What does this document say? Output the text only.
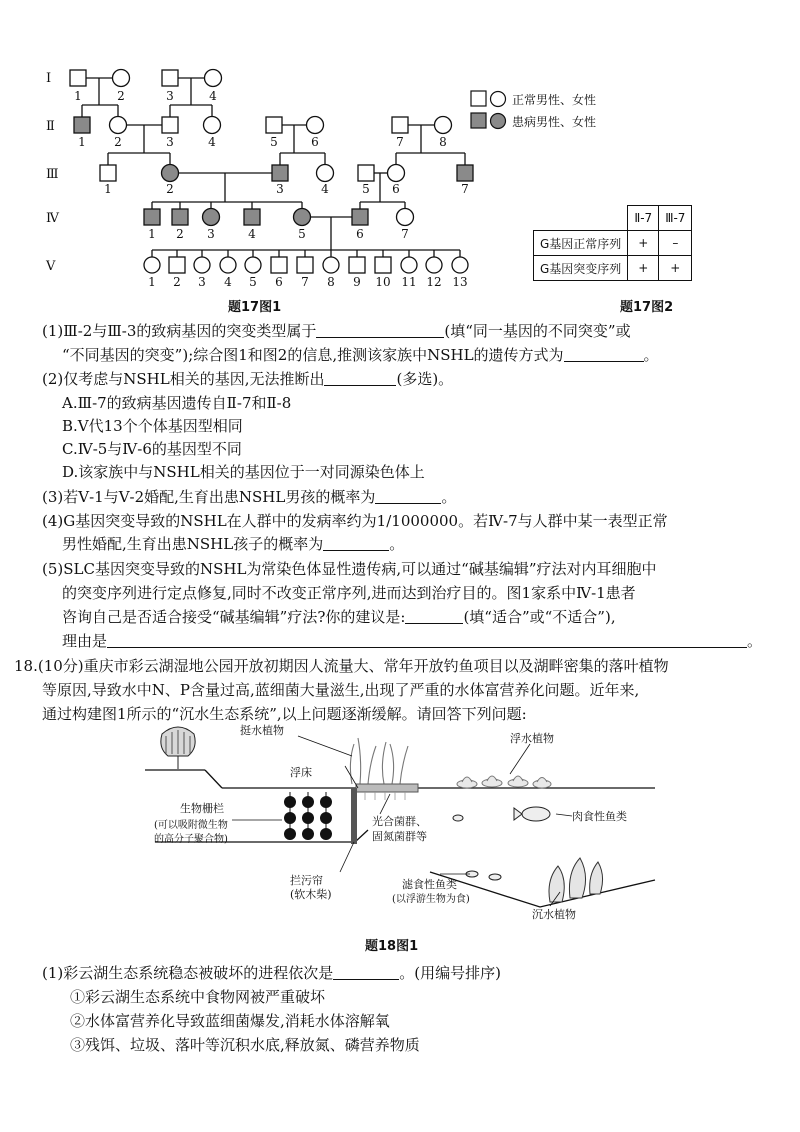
Ⅰ
Ⅱ
Ⅲ
Ⅳ
Ⅴ
1	2	3	4
1 2	3	4	5	6	7	8
1	2	3	4	5 6	7
1 2 3	4	5	6	7
1 2 3 4 5 6 7 8 9 10 11 12 13
题17图1
正常男性、女性
患病男性、女性
	Ⅱ-7	Ⅲ-7
G基因正常序列	+	–
G基因突变序列	+	+
题17图2
(1)Ⅲ-2与Ⅲ-3的致病基因的突变类型属于	(填“同一基因的不同突变”或
“不同基因的突变”);综合图1和图2的信息,推测该家族中NSHL的遗传方式为	。
(2)仅考虑与NSHL相关的基因,无法推断出	(多选)。
A.Ⅲ-7的致病基因遗传自Ⅱ-7和Ⅱ-8
B.Ⅴ代13个个体基因型相同
C.Ⅳ-5与Ⅳ-6的基因型不同
D.该家族中与NSHL相关的基因位于一对同源染色体上
(3)若Ⅴ-1与Ⅴ-2婚配,生育出患NSHL男孩的概率为	。
(4)G基因突变导致的NSHL在人群中的发病率约为1/1000000。若Ⅳ-7与人群中某一表型正常
男性婚配,生育出患NSHL孩子的概率为	。
(5)SLC基因突变导致的NSHL为常染色体显性遗传病,可以通过“碱基编辑”疗法对内耳细胞中
的突变序列进行定点修复,同时不改变正常序列,进而达到治疗目的。图1家系中Ⅳ-1患者
咨询自己是否适合接受“碱基编辑”疗法?你的建议是:	(填“适合”或“不适合”),
理由是	。
18.(10分)重庆市彩云湖湿地公园开放初期因人流量大、常年开放钓鱼项目以及湖畔密集的落叶植物
等原因,导致水中N、P含量过高,蓝细菌大量滋生,出现了严重的水体富营养化问题。近年来,
通过构建图1所示的“沉水生态系统”,以上问题逐渐缓解。请回答下列问题:
挺水植物
浮水植物
浮床
生物栅栏
(可以吸附微生物
的高分子聚合物)
光合菌群、
固氮菌群等
肉食性鱼类
拦污帘
(软木柴)
滤食性鱼类
(以浮游生物为食)
沉水植物
题18图1
(1)彩云湖生态系统稳态被破坏的进程依次是	。(用编号排序)
①彩云湖生态系统中食物网被严重破坏
②水体富营养化导致蓝细菌爆发,消耗水体溶解氧
③残饵、垃圾、落叶等沉积水底,释放氮、磷营养物质
